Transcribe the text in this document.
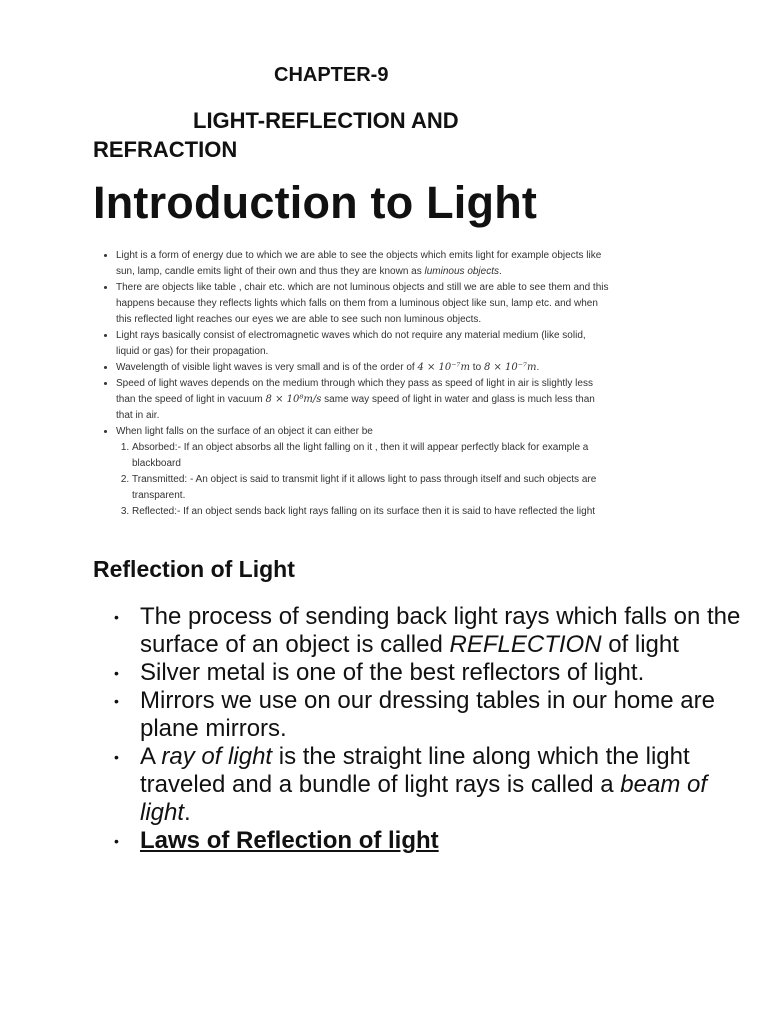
CHAPTER-9
LIGHT-REFLECTION AND
REFRACTION
Introduction to Light
• Light is a form of energy due to which we are able to see the objects which emits light for example objects like sun, lamp, candle emits light of their own and thus they are known as luminous objects.
• There are objects like table , chair etc. which are not luminous objects and still we are able to see them and this happens because they reflects lights which falls on them from a luminous object like sun, lamp etc. and when this reflected light reaches our eyes we are able to see such non luminous objects.
• Light rays basically consist of electromagnetic waves which do not require any material medium (like solid, liquid or gas) for their propagation.
• Wavelength of visible light waves is very small and is of the order of 4 × 10⁻⁷m to 8 × 10⁻⁷m.
• Speed of light waves depends on the medium through which they pass as speed of light in air is slightly less than the speed of light in vacuum 8 × 10⁸m/s same way speed of light in water and glass is much less than that in air.
• When light falls on the surface of an object it can either be
1. Absorbed:- If an object absorbs all the light falling on it , then it will appear perfectly black for example a blackboard
2. Transmitted: - An object is said to transmit light if it allows light to pass through itself and such objects are transparent.
3. Reflected:- If an object sends back light rays falling on its surface then it is said to have reflected the light
Reflection of Light
• The process of sending back light rays which falls on the surface of an object is called REFLECTION of light
• Silver metal is one of the best reflectors of light.
• Mirrors we use on our dressing tables in our home are plane mirrors.
• A ray of light is the straight line along which the light traveled and a bundle of light rays is called a beam of light.
• Laws of Reflection of light
